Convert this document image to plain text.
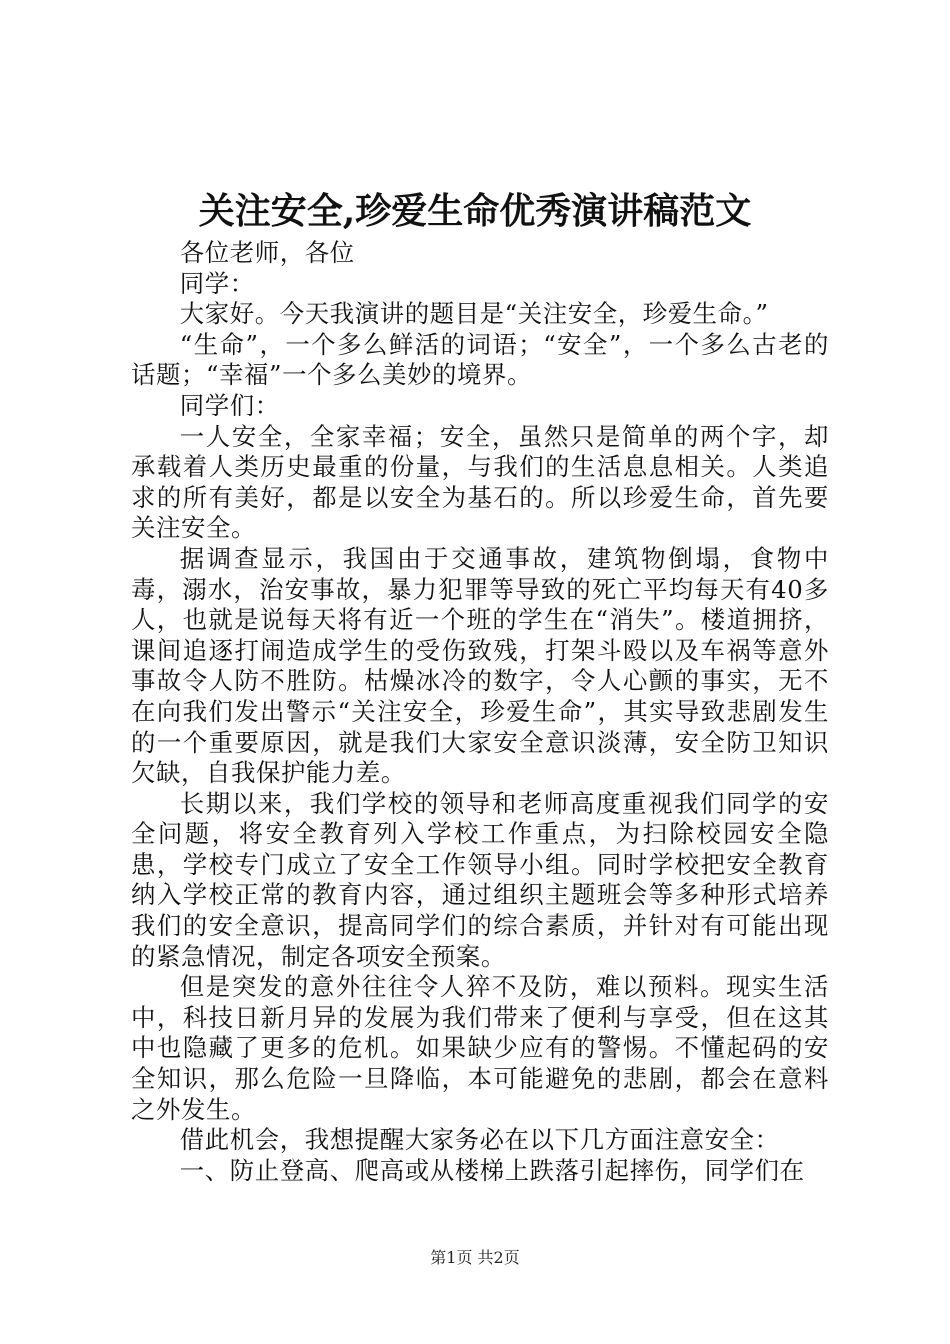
关注安全,珍爱生命优秀演讲稿范文

各位老师，各位

同学：

大家好。今天我演讲的题目是“关注安全，珍爱生命。”

“生命”，一个多么鲜活的词语；“安全”，一个多么古老的话题；“幸福”一个多么美妙的境界。

同学们：

一人安全，全家幸福；安全，虽然只是简单的两个字，却承载着人类历史最重的份量，与我们的生活息息相关。人类追求的所有美好，都是以安全为基石的。所以珍爱生命，首先要关注安全。

据调查显示，我国由于交通事故，建筑物倒塌，食物中毒，溺水，治安事故，暴力犯罪等导致的死亡平均每天有40多人，也就是说每天将有近一个班的学生在“消失”。楼道拥挤，课间追逐打闹造成学生的受伤致残，打架斗殴以及车祸等意外事故令人防不胜防。枯燥冰冷的数字，令人心颤的事实，无不在向我们发出警示“关注安全，珍爱生命”，其实导致悲剧发生的一个重要原因，就是我们大家安全意识淡薄，安全防卫知识欠缺，自我保护能力差。

长期以来，我们学校的领导和老师高度重视我们同学的安全问题，将安全教育列入学校工作重点，为扫除校园安全隐患，学校专门成立了安全工作领导小组。同时学校把安全教育纳入学校正常的教育内容，通过组织主题班会等多种形式培养我们的安全意识，提高同学们的综合素质，并针对有可能出现的紧急情况，制定各项安全预案。

但是突发的意外往往令人猝不及防，难以预料。现实生活中，科技日新月异的发展为我们带来了便利与享受，但在这其中也隐藏了更多的危机。如果缺少应有的警惕。不懂起码的安全知识，那么危险一旦降临，本可能避免的悲剧，都会在意料之外发生。

借此机会，我想提醒大家务必在以下几方面注意安全：

一、防止登高、爬高或从楼梯上跌落引起摔伤，同学们在

第1页 共2页
